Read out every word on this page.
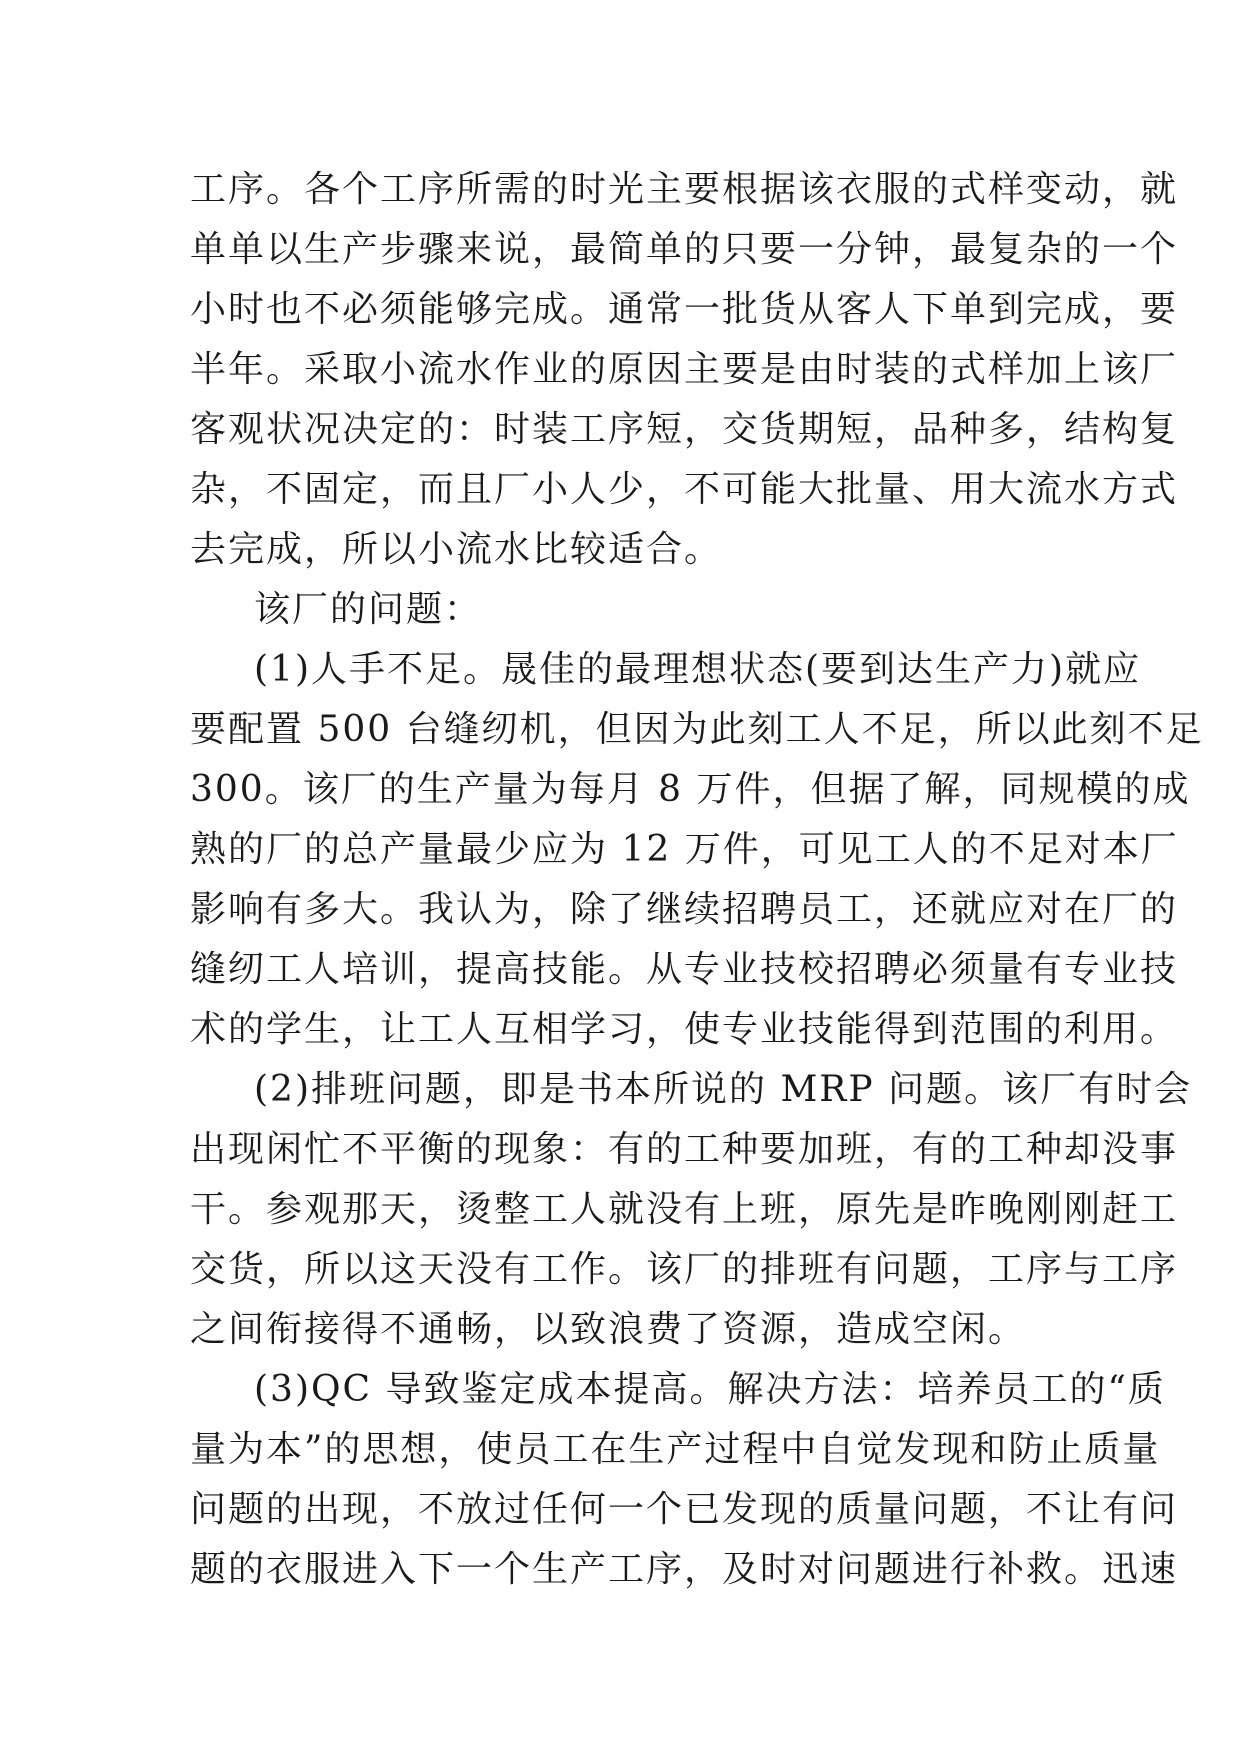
工序。各个工序所需的时光主要根据该衣服的式样变动，就
单单以生产步骤来说，最简单的只要一分钟，最复杂的一个
小时也不必须能够完成。通常一批货从客人下单到完成，要
半年。采取小流水作业的原因主要是由时装的式样加上该厂
客观状况决定的：时装工序短，交货期短，品种多，结构复
杂，不固定，而且厂小人少，不可能大批量、用大流水方式
去完成，所以小流水比较适合。
该厂的问题：
(1)人手不足。晟佳的最理想状态(要到达生产力)就应
要配置 500 台缝纫机，但因为此刻工人不足，所以此刻不足
300。该厂的生产量为每月 8 万件，但据了解，同规模的成
熟的厂的总产量最少应为 12 万件，可见工人的不足对本厂
影响有多大。我认为，除了继续招聘员工，还就应对在厂的
缝纫工人培训，提高技能。从专业技校招聘必须量有专业技
术的学生，让工人互相学习，使专业技能得到范围的利用。
(2)排班问题，即是书本所说的 MRP 问题。该厂有时会
出现闲忙不平衡的现象：有的工种要加班，有的工种却没事
干。参观那天，烫整工人就没有上班，原先是昨晚刚刚赶工
交货，所以这天没有工作。该厂的排班有问题，工序与工序
之间衔接得不通畅，以致浪费了资源，造成空闲。
(3)QC 导致鉴定成本提高。解决方法：培养员工的“质
量为本”的思想，使员工在生产过程中自觉发现和防止质量
问题的出现，不放过任何一个已发现的质量问题，不让有问
题的衣服进入下一个生产工序，及时对问题进行补救。迅速
